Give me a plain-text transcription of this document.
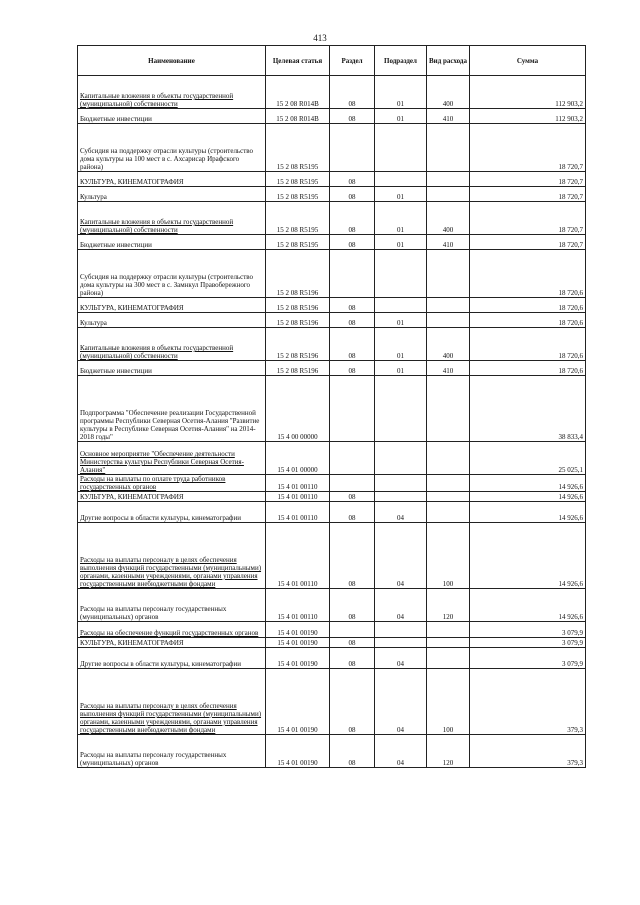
413
Наименование	Целевая статья	Раздел	Подраздел	Вид расхода	Сумма
Капитальные вложения в объекты государственной (муниципальной) собственности	15 2 08 R014B	08	01	400	112 903,2
Бюджетные инвестиции	15 2 08 R014B	08	01	410	112 903,2
Субсидия на поддержку отрасли культуры (строительство дома культуры на 100 мест в с. Ахсарисар Ирафского района)	15 2 08 R5195				18 720,7
КУЛЬТУРА, КИНЕМАТОГРАФИЯ	15 2 08 R5195	08			18 720,7
Культура	15 2 08 R5195	08	01		18 720,7
Капитальные вложения в объекты государственной (муниципальной) собственности	15 2 08 R5195	08	01	400	18 720,7
Бюджетные инвестиции	15 2 08 R5195	08	01	410	18 720,7
Субсидия на поддержку отрасли культуры (строительство дома культуры на 300 мест в с. Замнкул Правобережного района)	15 2 08 R5196				18 720,6
КУЛЬТУРА, КИНЕМАТОГРАФИЯ	15 2 08 R5196	08			18 720,6
Культура	15 2 08 R5196	08	01		18 720,6
Капитальные вложения в объекты государственной (муниципальной) собственности	15 2 08 R5196	08	01	400	18 720,6
Бюджетные инвестиции	15 2 08 R5196	08	01	410	18 720,6
Подпрограмма "Обеспечение реализации Государственной программы Республики Северная Осетия-Алания "Развитие культуры в Республике Северная Осетия-Алания" на 2014-2018 годы"	15 4 00 00000				38 833,4
Основное мероприятие "Обеспечение деятельности Министерства культуры Республики Северная Осетия-Алания"	15 4 01 00000				25 025,1
Расходы на выплаты по оплате труда работников государственных органов	15 4 01 00110				14 926,6
КУЛЬТУРА, КИНЕМАТОГРАФИЯ	15 4 01 00110	08			14 926,6
Другие вопросы в области культуры, кинематографии	15 4 01 00110	08	04		14 926,6
Расходы на выплаты персоналу в целях обеспечения выполнения функций государственными (муниципальными) органами, казенными учреждениями, органами управления государственными внебюджетными фондами	15 4 01 00110	08	04	100	14 926,6
Расходы на выплаты персоналу государственных (муниципальных) органов	15 4 01 00110	08	04	120	14 926,6
Расходы на обеспечение функций государственных органов	15 4 01 00190				3 079,9
КУЛЬТУРА, КИНЕМАТОГРАФИЯ	15 4 01 00190	08			3 079,9
Другие вопросы в области культуры, кинематографии	15 4 01 00190	08	04		3 079,9
Расходы на выплаты персоналу в целях обеспечения выполнения функций государственными (муниципальными) органами, казенными учреждениями, органами управления государственными внебюджетными фондами	15 4 01 00190	08	04	100	379,3
Расходы на выплаты персоналу государственных (муниципальных) органов	15 4 01 00190	08	04	120	379,3
